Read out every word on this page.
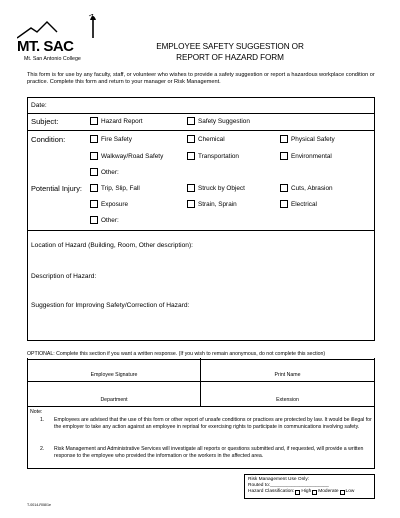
MT. SAC
Mt. San Antonio College
EMPLOYEE SAFETY SUGGESTION OR
REPORT OF HAZARD FORM
This form is for use by any faculty, staff, or volunteer who wishes to provide a safety suggestion or report a hazardous workplace condition or practice. Complete this form and return to your manager or Risk Management.
Date:
Subject:	Hazard Report	Safety Suggestion
Condition:	Fire Safety	Chemical	Physical Safety
Walkway/Road Safety	Transportation	Environmental
Other:
Potential Injury:	Trip, Slip, Fall	Struck by Object	Cuts, Abrasion
Exposure	Strain, Sprain	Electrical
Other:
Location of Hazard (Building, Room, Other description):
Description of Hazard:
Suggestion for Improving Safety/Correction of Hazard:
OPTIONAL: Complete this section if you want a written response. (If you wish to remain anonymous, do not complete this section)
Employee Signature	Print Name
Department	Extension
Note:
1. Employees are advised that the use of this form or other report of unsafe conditions or practices are protected by law. It would be illegal for the employer to take any action against an employee in reprisal for exercising rights to participate in communications involving safety.
2. Risk Management and Administrative Services will investigate all reports or questions submitted and, if requested, will provide a written response to the employee who provided the information or the workers in the affected area.
Risk Management Use Only:
Routed to:______________________
Hazard Classification: High Moderate Low
T-0014-R08/1e
